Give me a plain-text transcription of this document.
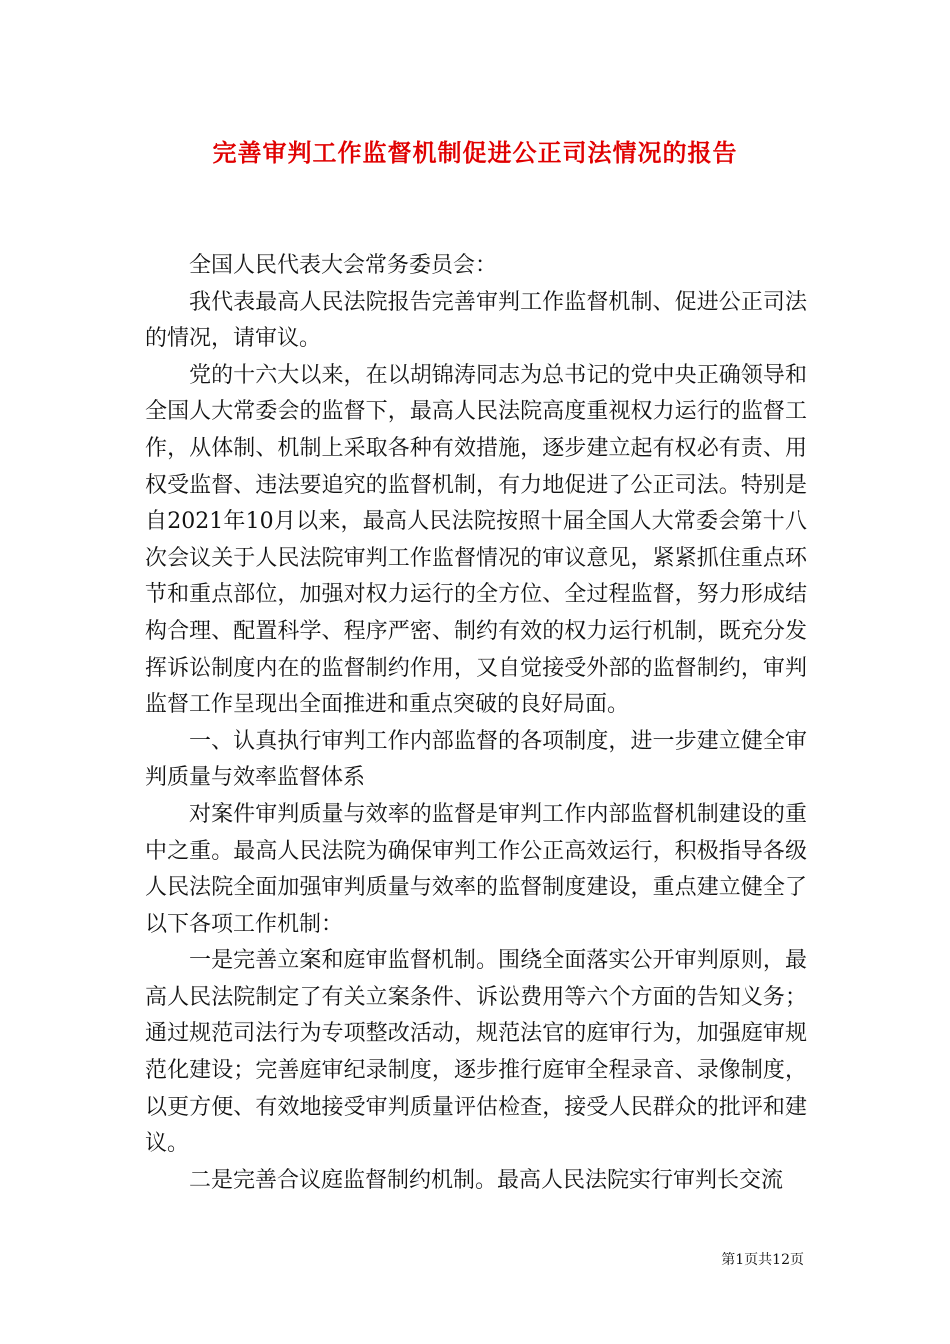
完善审判工作监督机制促进公正司法情况的报告

全国人民代表大会常务委员会：

我代表最高人民法院报告完善审判工作监督机制、促进公正司法的情况，请审议。

党的十六大以来，在以胡锦涛同志为总书记的党中央正确领导和全国人大常委会的监督下，最高人民法院高度重视权力运行的监督工作，从体制、机制上采取各种有效措施，逐步建立起有权必有责、用权受监督、违法要追究的监督机制，有力地促进了公正司法。特别是自2021年10月以来，最高人民法院按照十届全国人大常委会第十八次会议关于人民法院审判工作监督情况的审议意见，紧紧抓住重点环节和重点部位，加强对权力运行的全方位、全过程监督，努力形成结构合理、配置科学、程序严密、制约有效的权力运行机制，既充分发挥诉讼制度内在的监督制约作用，又自觉接受外部的监督制约，审判监督工作呈现出全面推进和重点突破的良好局面。

一、认真执行审判工作内部监督的各项制度，进一步建立健全审判质量与效率监督体系

对案件审判质量与效率的监督是审判工作内部监督机制建设的重中之重。最高人民法院为确保审判工作公正高效运行，积极指导各级人民法院全面加强审判质量与效率的监督制度建设，重点建立健全了以下各项工作机制：

一是完善立案和庭审监督机制。围绕全面落实公开审判原则，最高人民法院制定了有关立案条件、诉讼费用等六个方面的告知义务；通过规范司法行为专项整改活动，规范法官的庭审行为，加强庭审规范化建设；完善庭审纪录制度，逐步推行庭审全程录音、录像制度，以更方便、有效地接受审判质量评估检查，接受人民群众的批评和建议。

二是完善合议庭监督制约机制。最高人民法院实行审判长交流

第1页共12页
